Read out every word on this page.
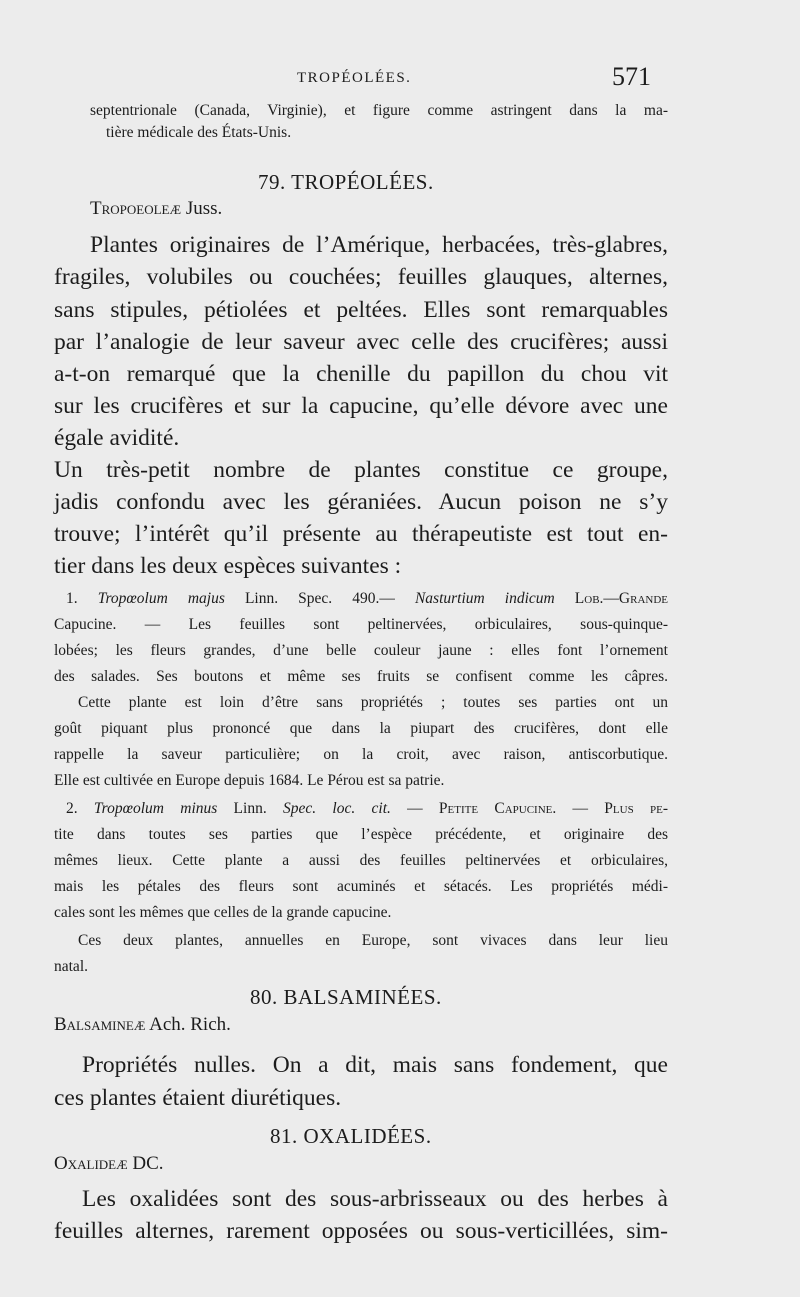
TROPÉOLÉES.	571
septentrionale (Canada, Virginie), et figure comme astringent dans la ma-
tière médicale des États-Unis.
79. TROPÉOLÉES.
Tropoeoleæ Juss.
Plantes originaires de l’Amérique, herbacées, très-glabres,
fragiles, volubiles ou couchées; feuilles glauques, alternes,
sans stipules, pétiolées et peltées. Elles sont remarquables
par l’analogie de leur saveur avec celle des crucifères; aussi
a-t-on remarqué que la chenille du papillon du chou vit
sur les crucifères et sur la capucine, qu’elle dévore avec une
égale avidité.
Un très-petit nombre de plantes constitue ce groupe,
jadis confondu avec les géraniées. Aucun poison ne s’y
trouve; l’intérêt qu’il présente au thérapeutiste est tout en-
tier dans les deux espèces suivantes :
1. Tropœolum majus Linn. Spec. 490.— Nasturtium indicum Lob.—Grande
Capucine. — Les feuilles sont peltinervées, orbiculaires, sous-quinque-
lobées; les fleurs grandes, d’une belle couleur jaune : elles font l’ornement
des salades. Ses boutons et même ses fruits se confisent comme les câpres.
Cette plante est loin d’être sans propriétés ; toutes ses parties ont un
goût piquant plus prononcé que dans la piupart des crucifères, dont elle
rappelle la saveur particulière; on la croit, avec raison, antiscorbutique.
Elle est cultivée en Europe depuis 1684. Le Pérou est sa patrie.
2. Tropœolum minus Linn. Spec. loc. cit. — Petite Capucine. — Plus pe-
tite dans toutes ses parties que l’espèce précédente, et originaire des
mêmes lieux. Cette plante a aussi des feuilles peltinervées et orbiculaires,
mais les pétales des fleurs sont acuminés et sétacés. Les propriétés médi-
cales sont les mêmes que celles de la grande capucine.
Ces deux plantes, annuelles en Europe, sont vivaces dans leur lieu
natal.
80. BALSAMINÉES.
Balsamineæ Ach. Rich.
Propriétés nulles. On a dit, mais sans fondement, que
ces plantes étaient diurétiques.
81. OXALIDÉES.
Oxalideæ DC.
Les oxalidées sont des sous-arbrisseaux ou des herbes à
feuilles alternes, rarement opposées ou sous-verticillées, sim-
